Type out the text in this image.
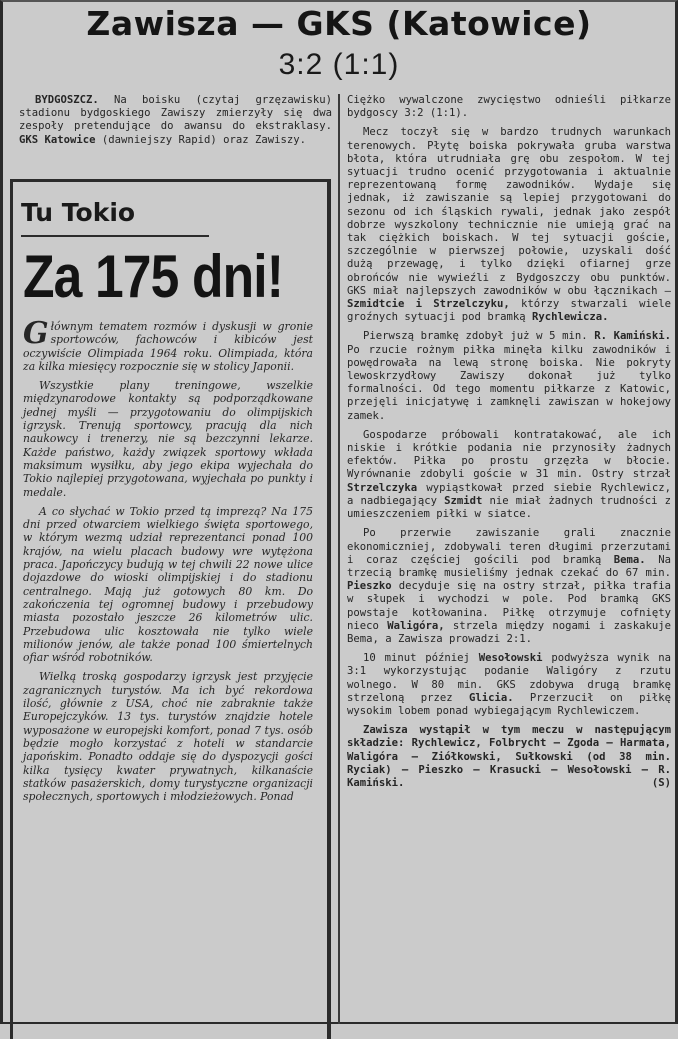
Zawisza — GKS (Katowice)
3:2 (1:1)

BYDGOSZCZ. Na boisku (czytaj grzęzawisku) stadionu bydgoskiego Zawiszy zmierzyły się dwa zespoły pretendujące do awansu do ekstraklasy. GKS Katowice (dawniejszy Rapid) oraz Zawiszy.

Tu Tokio
Za 175 dni!

Głównym tematem rozmów i dyskusji w gronie sportowców, fachowców i kibiców jest oczywiście Olimpiada 1964 roku. Olimpiada, która za kilka miesięcy rozpocznie się w stolicy Japonii.

Wszystkie plany treningowe, wszelkie międzynarodowe kontakty są podporządkowane jednej myśli — przygotowaniu do olimpijskich igrzysk. Trenują sportowcy, pracują dla nich naukowcy i trenerzy, nie są bezczynni lekarze. Każde państwo, każdy związek sportowy wkłada maksimum wysiłku, aby jego ekipa wyjechała do Tokio najlepiej przygotowana, wyjechała po punkty i medale.

A co słychać w Tokio przed tą imprezą? Na 175 dni przed otwarciem wielkiego święta sportowego, w którym wezmą udział reprezentanci ponad 100 krajów, na wielu placach budowy wre wytężona praca. Japończycy budują w tej chwili 22 nowe ulice dojazdowe do wioski olimpijskiej i do stadionu centralnego. Mają już gotowych 80 km. Do zakończenia tej ogromnej budowy i przebudowy miasta pozostało jeszcze 26 kilometrów ulic. Przebudowa ulic kosztowała nie tylko wiele milionów jenów, ale także ponad 100 śmiertelnych ofiar wśród robotników.

Wielką troską gospodarzy igrzysk jest przyjęcie zagranicznych turystów. Ma ich być rekordowa ilość, głównie z USA, choć nie zabraknie także Europejczyków. 13 tys. turystów znajdzie hotele wyposażone w europejski komfort, ponad 7 tys. osób będzie mogło korzystać z hoteli w standarcie japońskim. Ponadto oddaje się do dyspozycji gości kilka tysięcy kwater prywatnych, kilkanaście statków pasażerskich, domy turystyczne organizacji społecznych, sportowych i młodzieżowych. Ponad

Ciężko wywalczone zwycięstwo odnieśli piłkarze bydgoscy 3:2 (1:1).

Mecz toczył się w bardzo trudnych warunkach terenowych. Płytę boiska pokrywała gruba warstwa błota, która utrudniała grę obu zespołom. W tej sytuacji trudno ocenić przygotowania i aktualnie reprezentowaną formę zawodników. Wydaje się jednak, iż zawiszanie są lepiej przygotowani do sezonu od ich śląskich rywali, jednak jako zespół dobrze wyszkolony technicznie nie umieją grać na tak ciężkich boiskach. W tej sytuacji goście, szczególnie w pierwszej połowie, uzyskali dość dużą przewagę, i tylko dzięki ofiarnej grze obrońców nie wywieźli z Bydgoszczy obu punktów. GKS miał najlepszych zawodników w obu łącznikach — Szmidtcie i Strzelczyku, którzy stwarzali wiele groźnych sytuacji pod bramką Rychlewicza.

Pierwszą bramkę zdobył już w 5 min. R. Kamiński. Po rzucie rożnym piłka minęła kilku zawodników i powędrowała na lewą stronę boiska. Nie pokryty lewoskrzydłowy Zawiszy dokonał już tylko formalności. Od tego momentu piłkarze z Katowic, przejęli inicjatywę i zamknęli zawiszan w hokejowy zamek.

Gospodarze próbowali kontratakować, ale ich niskie i krótkie podania nie przynosiły żadnych efektów. Piłka po prostu grzęzła w błocie. Wyrównanie zdobyli goście w 31 min. Ostry strzał Strzelczyka wypiąstkował przed siebie Rychlewicz, a nadbiegający Szmidt nie miał żadnych trudności z umieszczeniem piłki w siatce.

Po przerwie zawiszanie grali znacznie ekonomiczniej, zdobywali teren długimi przerzutami i coraz częściej gościli pod bramką Bema. Na trzecią bramkę musieliśmy jednak czekać do 67 min. Pieszko decyduje się na ostry strzał, piłka trafia w słupek i wychodzi w pole. Pod bramką GKS powstaje kotłowanina. Piłkę otrzymuje cofnięty nieco Waligóra, strzela między nogami i zaskakuje Bema, a Zawisza prowadzi 2:1.

10 minut później Wesołowski podwyższa wynik na 3:1 wykorzystując podanie Waligóry z rzutu wolnego. W 80 min. GKS zdobywa drugą bramkę strzeloną przez Glicia. Przerzucił on piłkę wysokim lobem ponad wybiegającym Rychlewiczem.

Zawisza wystąpił w tym meczu w następującym składzie: Rychlewicz, Folbrycht — Zgoda — Harmata, Waligóra — Ziółkowski, Sułkowski (od 38 min. Ryciak) — Pieszko — Krasucki — Wesołowski — R. Kamiński.	(S)
